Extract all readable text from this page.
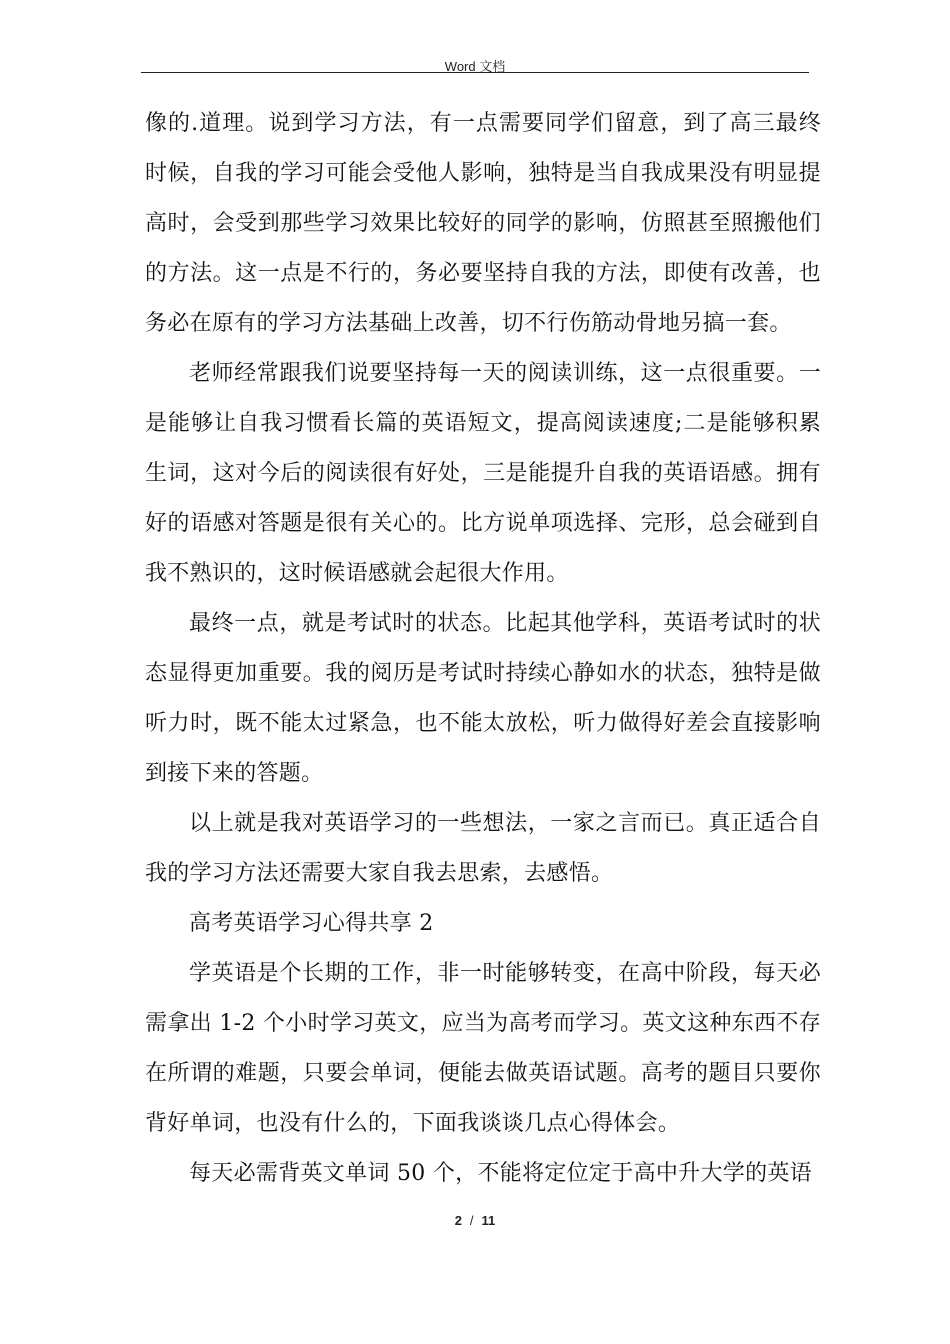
Word 文档

像的.道理。说到学习方法，有一点需要同学们留意，到了高三最终时候，自我的学习可能会受他人影响，独特是当自我成果没有明显提高时，会受到那些学习效果比较好的同学的影响，仿照甚至照搬他们的方法。这一点是不行的，务必要坚持自我的方法，即使有改善，也务必在原有的学习方法基础上改善，切不行伤筋动骨地另搞一套。

老师经常跟我们说要坚持每一天的阅读训练，这一点很重要。一是能够让自我习惯看长篇的英语短文，提高阅读速度;二是能够积累生词，这对今后的阅读很有好处，三是能提升自我的英语语感。拥有好的语感对答题是很有关心的。比方说单项选择、完形，总会碰到自我不熟识的，这时候语感就会起很大作用。

最终一点，就是考试时的状态。比起其他学科，英语考试时的状态显得更加重要。我的阅历是考试时持续心静如水的状态，独特是做听力时，既不能太过紧急，也不能太放松，听力做得好差会直接影响到接下来的答题。

以上就是我对英语学习的一些想法，一家之言而已。真正适合自我的学习方法还需要大家自我去思索，去感悟。

高考英语学习心得共享 2

学英语是个长期的工作，非一时能够转变，在高中阶段，每天必需拿出 1-2 个小时学习英文，应当为高考而学习。英文这种东西不存在所谓的难题，只要会单词，便能去做英语试题。高考的题目只要你背好单词，也没有什么的，下面我谈谈几点心得体会。

每天必需背英文单词 50 个，不能将定位定于高中升大学的英语

2 / 11
